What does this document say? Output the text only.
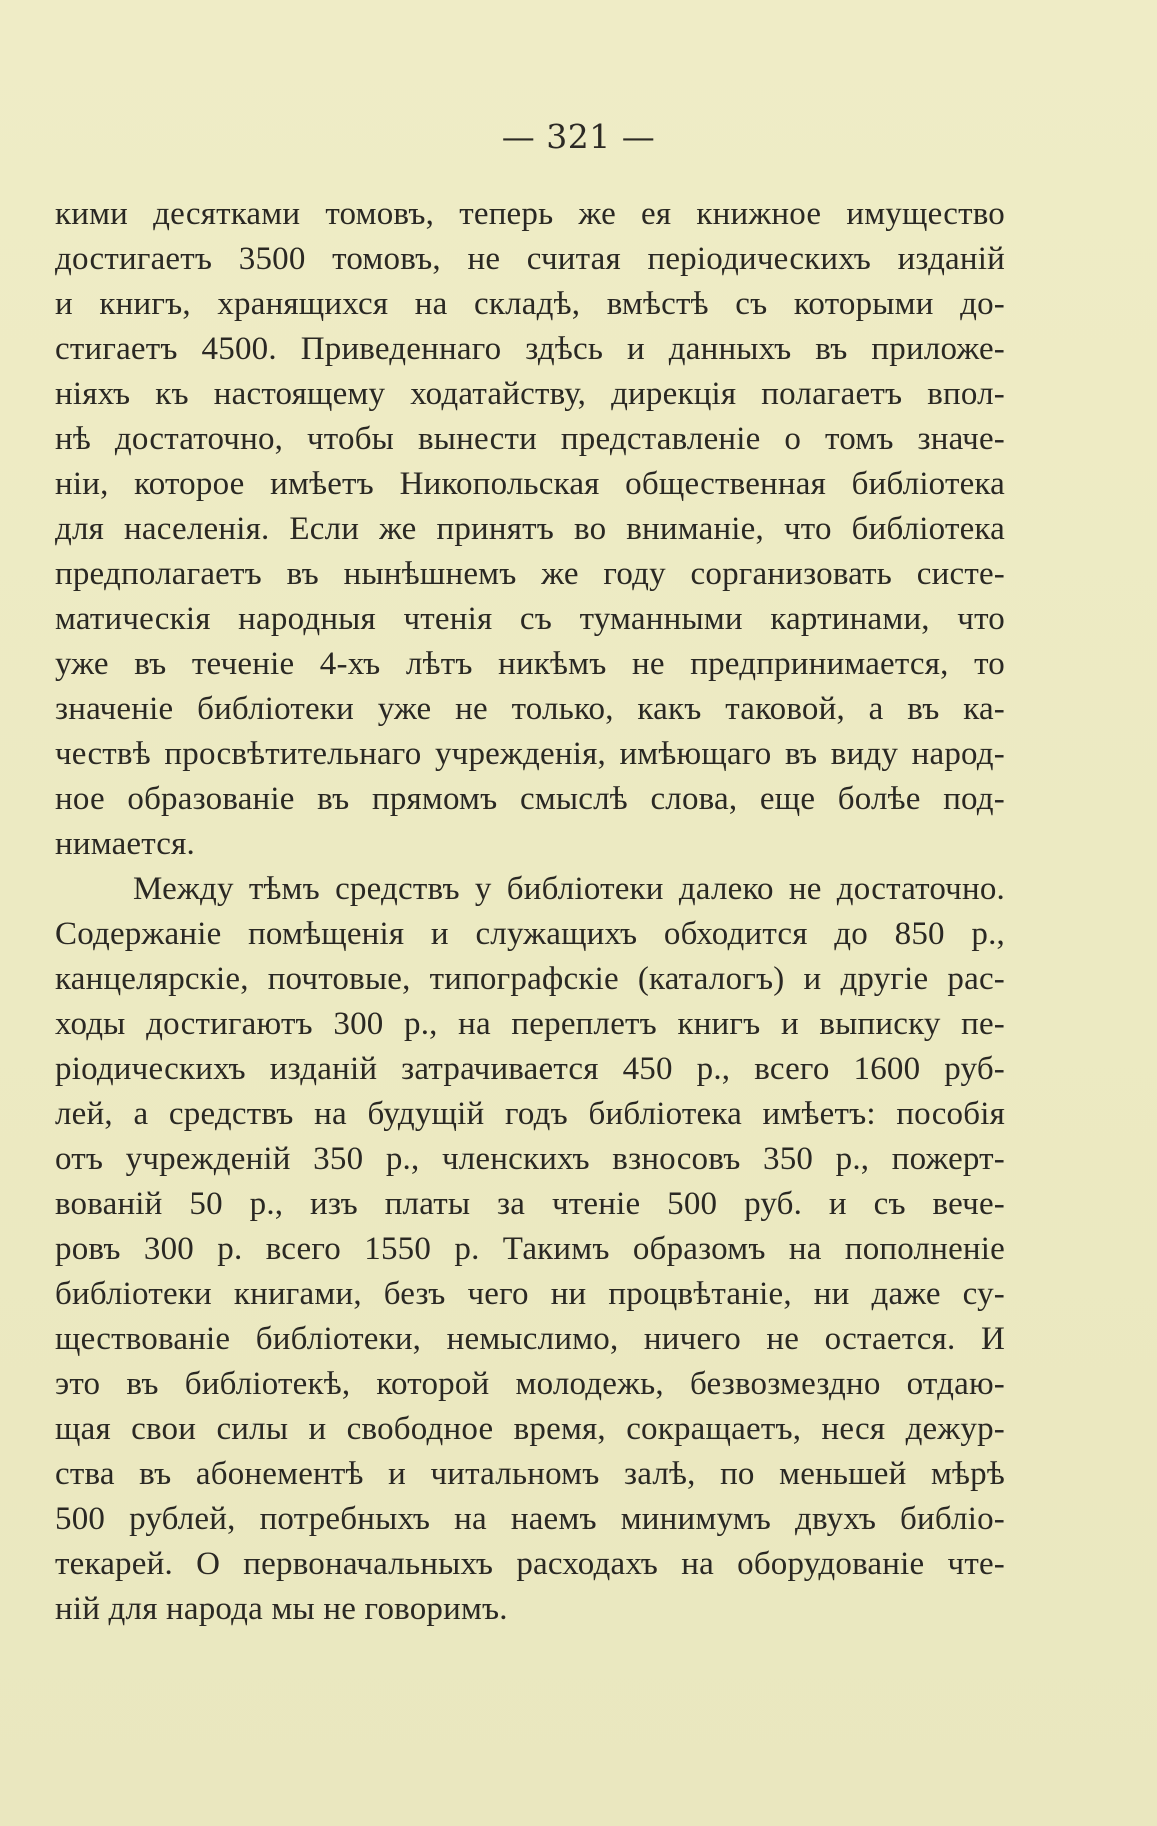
— 321 —
кими десятками томовъ, теперь же ея книжное имущество
достигаетъ 3500 томовъ, не считая періодическихъ изданій
и книгъ, хранящихся на складѣ, вмѣстѣ съ которыми до-
стигаетъ 4500. Приведеннаго здѣсь и данныхъ въ приложе-
ніяхъ къ настоящему ходатайству, дирекція полагаетъ впол-
нѣ достаточно, чтобы вынести представленіе о томъ значе-
ніи, которое имѣетъ Никопольская общественная библіотека
для населенія. Если же принятъ во вниманіе, что библіотека
предполагаетъ въ нынѣшнемъ же году сорганизовать систе-
матическія народныя чтенія съ туманными картинами, что
уже въ теченіе 4-хъ лѣтъ никѣмъ не предпринимается, то
значеніе библіотеки уже не только, какъ таковой, а въ ка-
чествѣ просвѣтительнаго учрежденія, имѣющаго въ виду народ-
ное образованіе въ прямомъ смыслѣ слова, еще болѣе под-
нимается.
Между тѣмъ средствъ у библіотеки далеко не достаточно.
Содержаніе помѣщенія и служащихъ обходится до 850 р.,
канцелярскіе, почтовые, типографскіе (каталогъ) и другіе рас-
ходы достигаютъ 300 р., на переплетъ книгъ и выписку пе-
ріодическихъ изданій затрачивается 450 р., всего 1600 руб-
лей, а средствъ на будущій годъ библіотека имѣетъ: пособія
отъ учрежденій 350 р., членскихъ взносовъ 350 р., пожерт-
вованій 50 р., изъ платы за чтеніе 500 руб. и съ вече-
ровъ 300 р. всего 1550 р. Такимъ образомъ на пополненіе
библіотеки книгами, безъ чего ни процвѣтаніе, ни даже су-
ществованіе библіотеки, немыслимо, ничего не остается. И
это въ библіотекѣ, которой молодежь, безвозмездно отдаю-
щая свои силы и свободное время, сокращаетъ, неся дежур-
ства въ абонементѣ и читальномъ залѣ, по меньшей мѣрѣ
500 рублей, потребныхъ на наемъ минимумъ двухъ библіо-
текарей. О первоначальныхъ расходахъ на оборудованіе чте-
ній для народа мы не говоримъ.
